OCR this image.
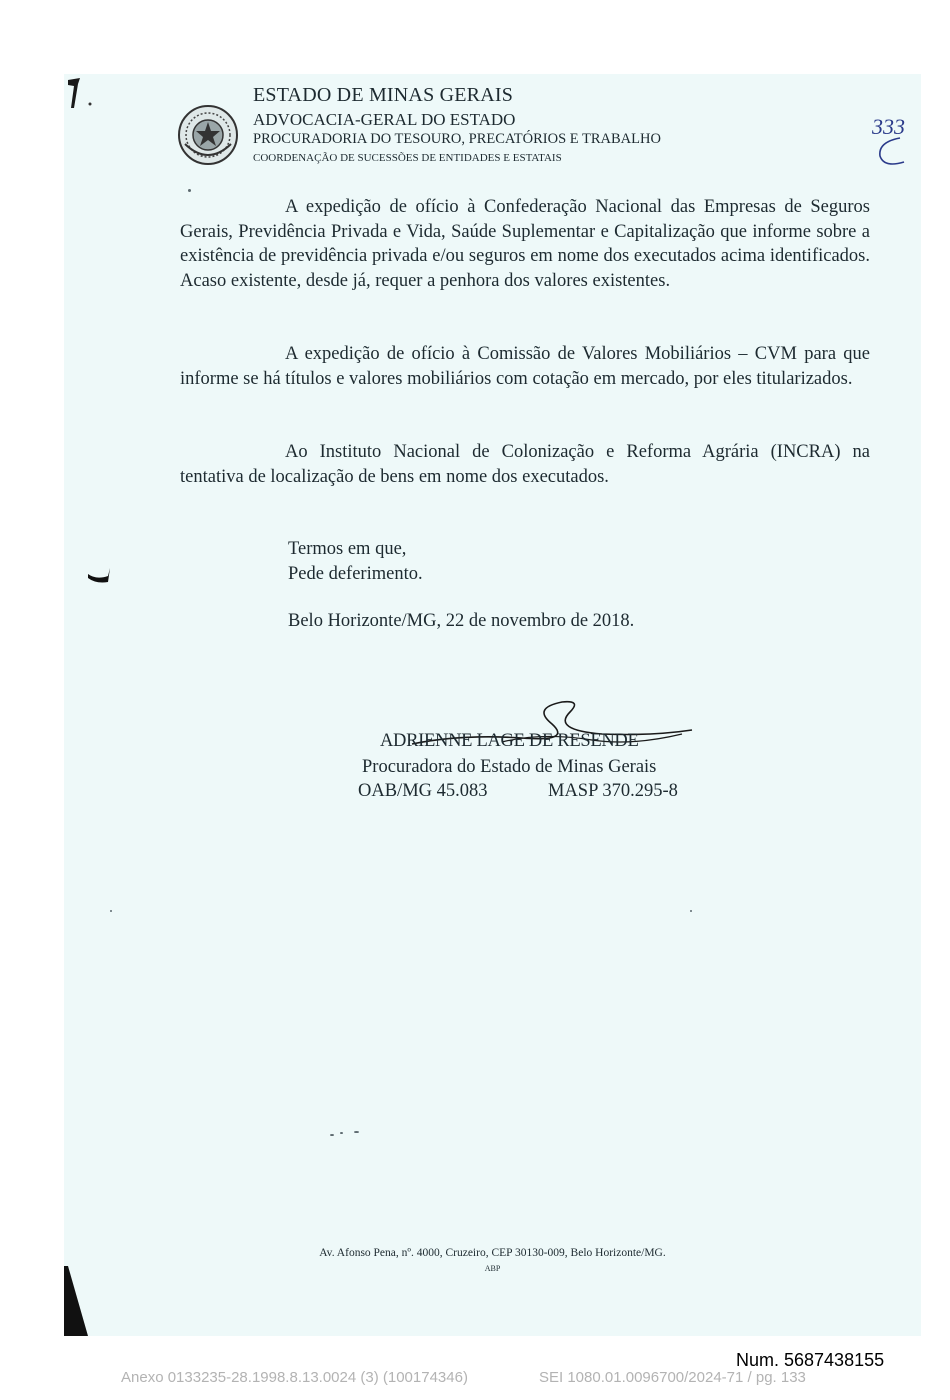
ESTADO DE MINAS GERAIS
ADVOCACIA-GERAL DO ESTADO
PROCURADORIA DO TESOURO, PRECATÓRIOS E TRABALHO
COORDENAÇÃO DE SUCESSÕES DE ENTIDADES E ESTATAIS
333
A expedição de ofício à Confederação Nacional das Empresas de Seguros Gerais, Previdência Privada e Vida, Saúde Suplementar e Capitalização que informe sobre a existência de previdência privada e/ou seguros em nome dos executados acima identificados. Acaso existente, desde já, requer a penhora dos valores existentes.
A expedição de ofício à Comissão de Valores Mobiliários – CVM para que informe se há títulos e valores mobiliários com cotação em mercado, por eles titularizados.
Ao Instituto Nacional de Colonização e Reforma Agrária (INCRA) na tentativa de localização de bens em nome dos executados.
Termos em que,
Pede deferimento.
Belo Horizonte/MG, 22 de novembro de 2018.
ADRIENNE LAGE DE RESENDE
Procuradora do Estado de Minas Gerais
OAB/MG 45.083	MASP 370.295-8
Av. Afonso Pena, nº. 4000, Cruzeiro, CEP 30130-009, Belo Horizonte/MG.
ABP
Num. 5687438155
Anexo 0133235-28.1998.8.13.0024 (3) (100174346)	SEI 1080.01.0096700/2024-71 / pg. 133
